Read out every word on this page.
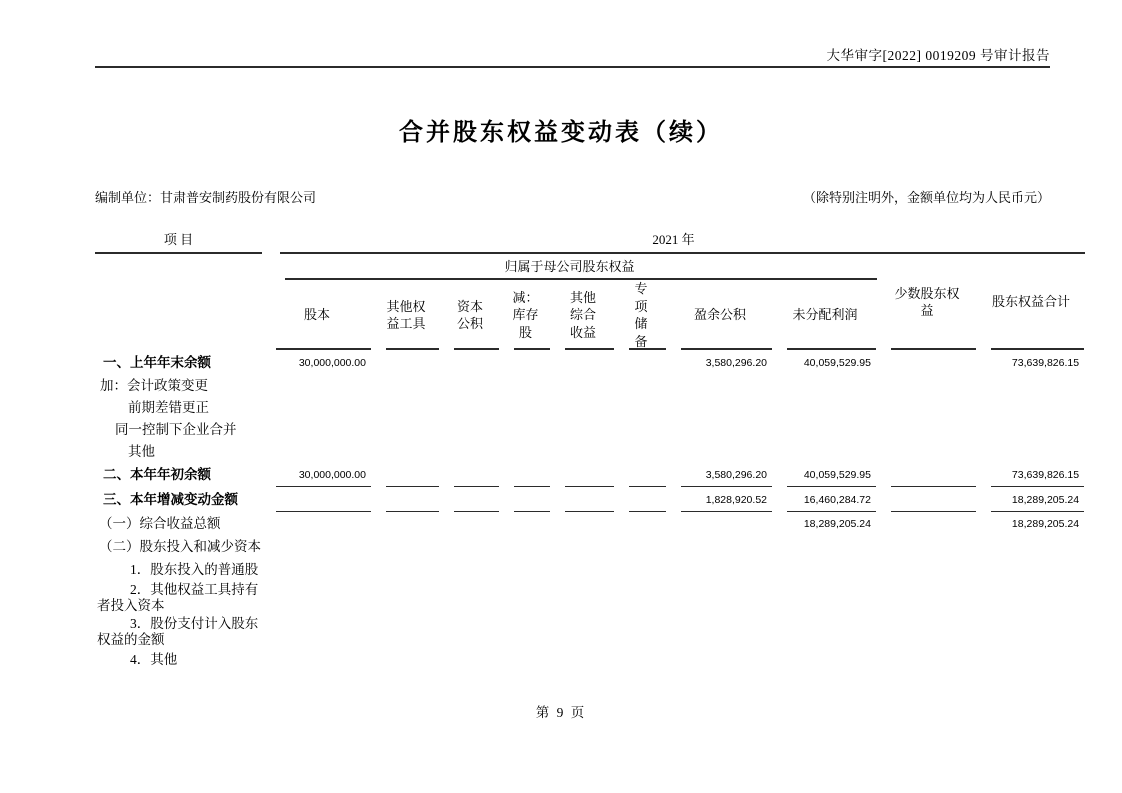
大华审字[2022] 0019209 号审计报告
合并股东权益变动表（续）
编制单位：甘肃普安制药股份有限公司	（除特别注明外，金额单位均为人民币元）
项 目	2021 年									
	归属于母公司股东权益								少数股东权益	股东权益合计
	股本	其他权益工具	资本公积	减：库存股	其他综合收益	专项储备	盈余公积	未分配利润		
一、上年年末余额	30,000,000.00						3,580,296.20	40,059,529.95		73,639,826.15
加：会计政策变更										
前期差错更正										
同一控制下企业合并										
其他										
二、本年年初余额	30,000,000.00						3,580,296.20	40,059,529.95		73,639,826.15
三、本年增减变动金额							1,828,920.52	16,460,284.72		18,289,205.24
（一）综合收益总额								18,289,205.24		18,289,205.24
（二）股东投入和减少资本										
1．股东投入的普通股										
2．其他权益工具持有者投入资本										
3．股份支付计入股东权益的金额										
4．其他										
第 9 页
